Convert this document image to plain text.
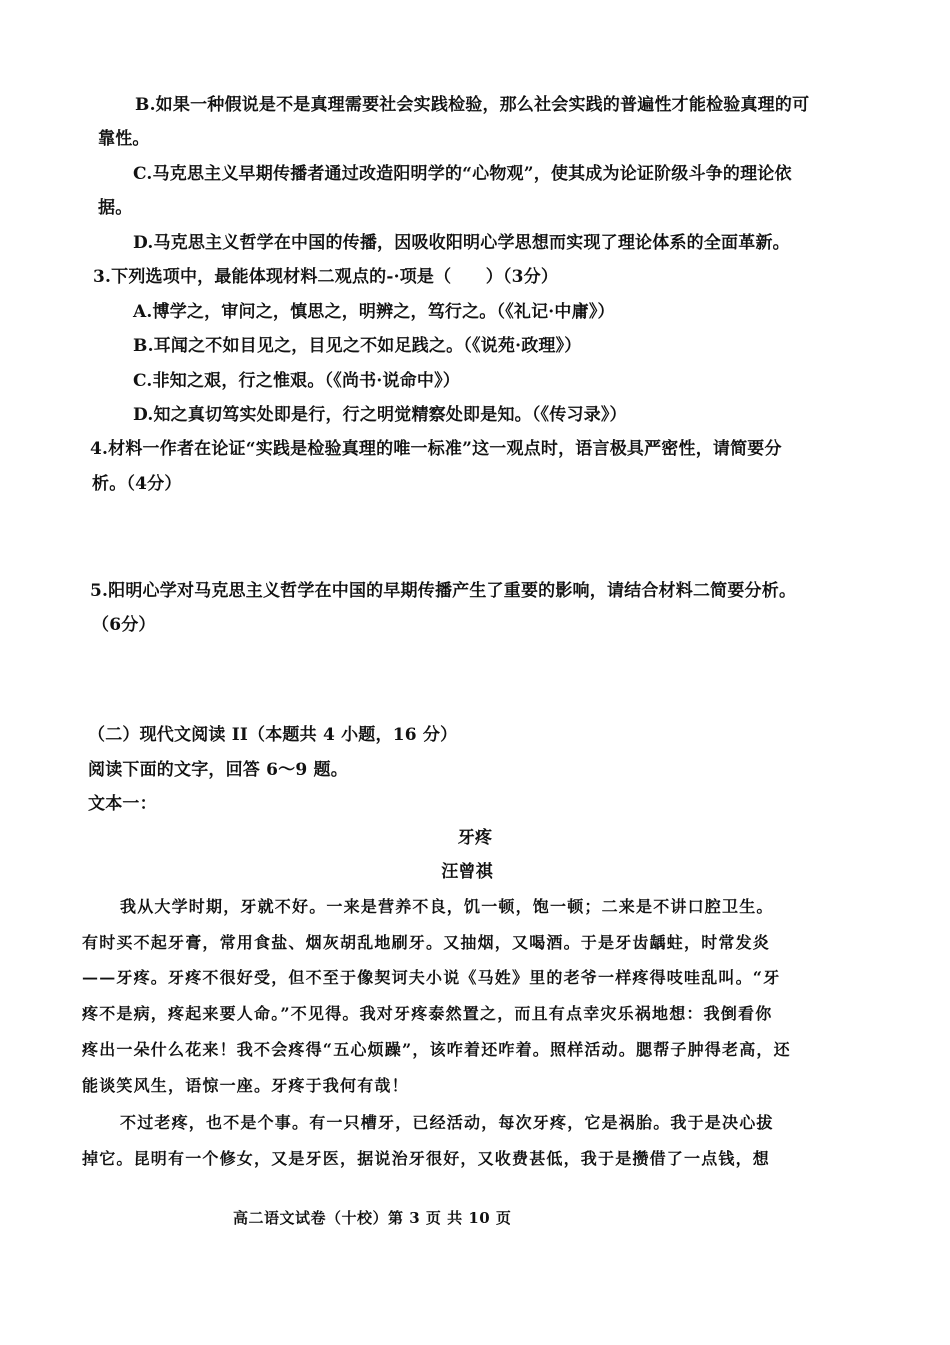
B.如果一种假说是不是真理需要社会实践检验，那么社会实践的普遍性才能检验真理的可
靠性。
C.马克思主义早期传播者通过改造阳明学的“心物观”，使其成为论证阶级斗争的理论依
据。
D.马克思主义哲学在中国的传播，因吸收阳明心学思想而实现了理论体系的全面革新。
3.下列选项中，最能体现材料二观点的-·项是（　　）（3分）
A.博学之，审问之，慎思之，明辨之，笃行之。（《礼记·中庸》）
B.耳闻之不如目见之，目见之不如足践之。（《说苑·政理》）
C.非知之艰，行之惟艰。（《尚书·说命中》）
D.知之真切笃实处即是行，行之明觉精察处即是知。（《传习录》）
4.材料一作者在论证“实践是检验真理的唯一标准”这一观点时，语言极具严密性，请简要分
析。（4分）
5.阳明心学对马克思主义哲学在中国的早期传播产生了重要的影响，请结合材料二简要分析。
（6分）
（二）现代文阅读 II（本题共 4 小题，16 分）
阅读下面的文字，回答 6～9 题。
文本一：
牙疼
汪曾祺
我从大学时期，牙就不好。一来是营养不良，饥一顿，饱一顿；二来是不讲口腔卫生。
有时买不起牙膏，常用食盐、烟灰胡乱地刷牙。又抽烟，又喝酒。于是牙齿龋蛀，时常发炎
——牙疼。牙疼不很好受，但不至于像契诃夫小说《马姓》里的老爷一样疼得吱哇乱叫。“牙
疼不是病，疼起来要人命。”不见得。我对牙疼泰然置之，而且有点幸灾乐祸地想：我倒看你
疼出一朵什么花来！我不会疼得“五心烦躁”，该咋着还咋着。照样活动。腮帮子肿得老高，还
能谈笑风生，语惊一座。牙疼于我何有哉！
不过老疼，也不是个事。有一只槽牙，已经活动，每次牙疼，它是祸胎。我于是决心拔
掉它。昆明有一个修女，又是牙医，据说治牙很好，又收费甚低，我于是攒借了一点钱，想
高二语文试卷（十校）第 3 页 共 10 页
